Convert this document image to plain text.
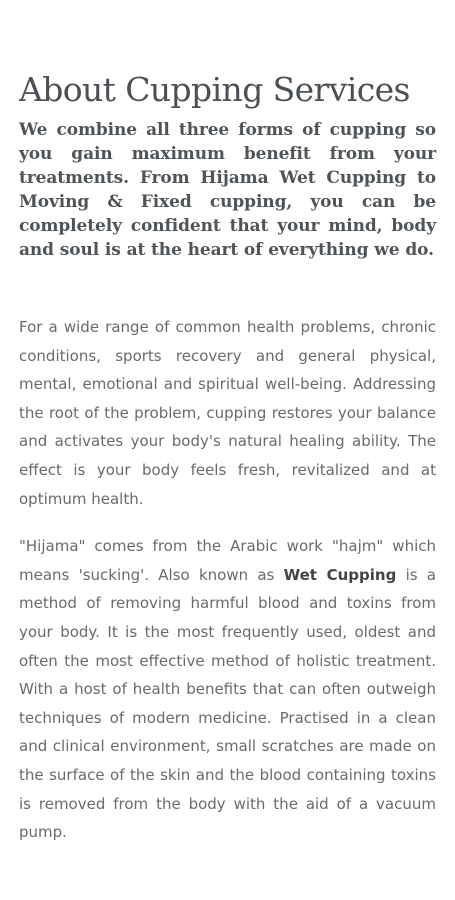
About Cupping Services

We combine all three forms of cupping so you gain maximum benefit from your treatments. From Hijama Wet Cupping to Moving & Fixed cupping, you can be completely confident that your mind, body and soul is at the heart of everything we do.

For a wide range of common health problems, chronic conditions, sports recovery and general physical, mental, emotional and spiritual well-being. Addressing the root of the problem, cupping restores your balance and activates your body's natural healing ability. The effect is your body feels fresh, revitalized and at optimum health.

"Hijama" comes from the Arabic work "hajm" which means 'sucking'. Also known as Wet Cupping is a method of removing harmful blood and toxins from your body. It is the most frequently used, oldest and often the most effective method of holistic treatment. With a host of health benefits that can often outweigh techniques of modern medicine. Practised in a clean and clinical environment, small scratches are made on the surface of the skin and the blood containing toxins is removed from the body with the aid of a vacuum pump.
